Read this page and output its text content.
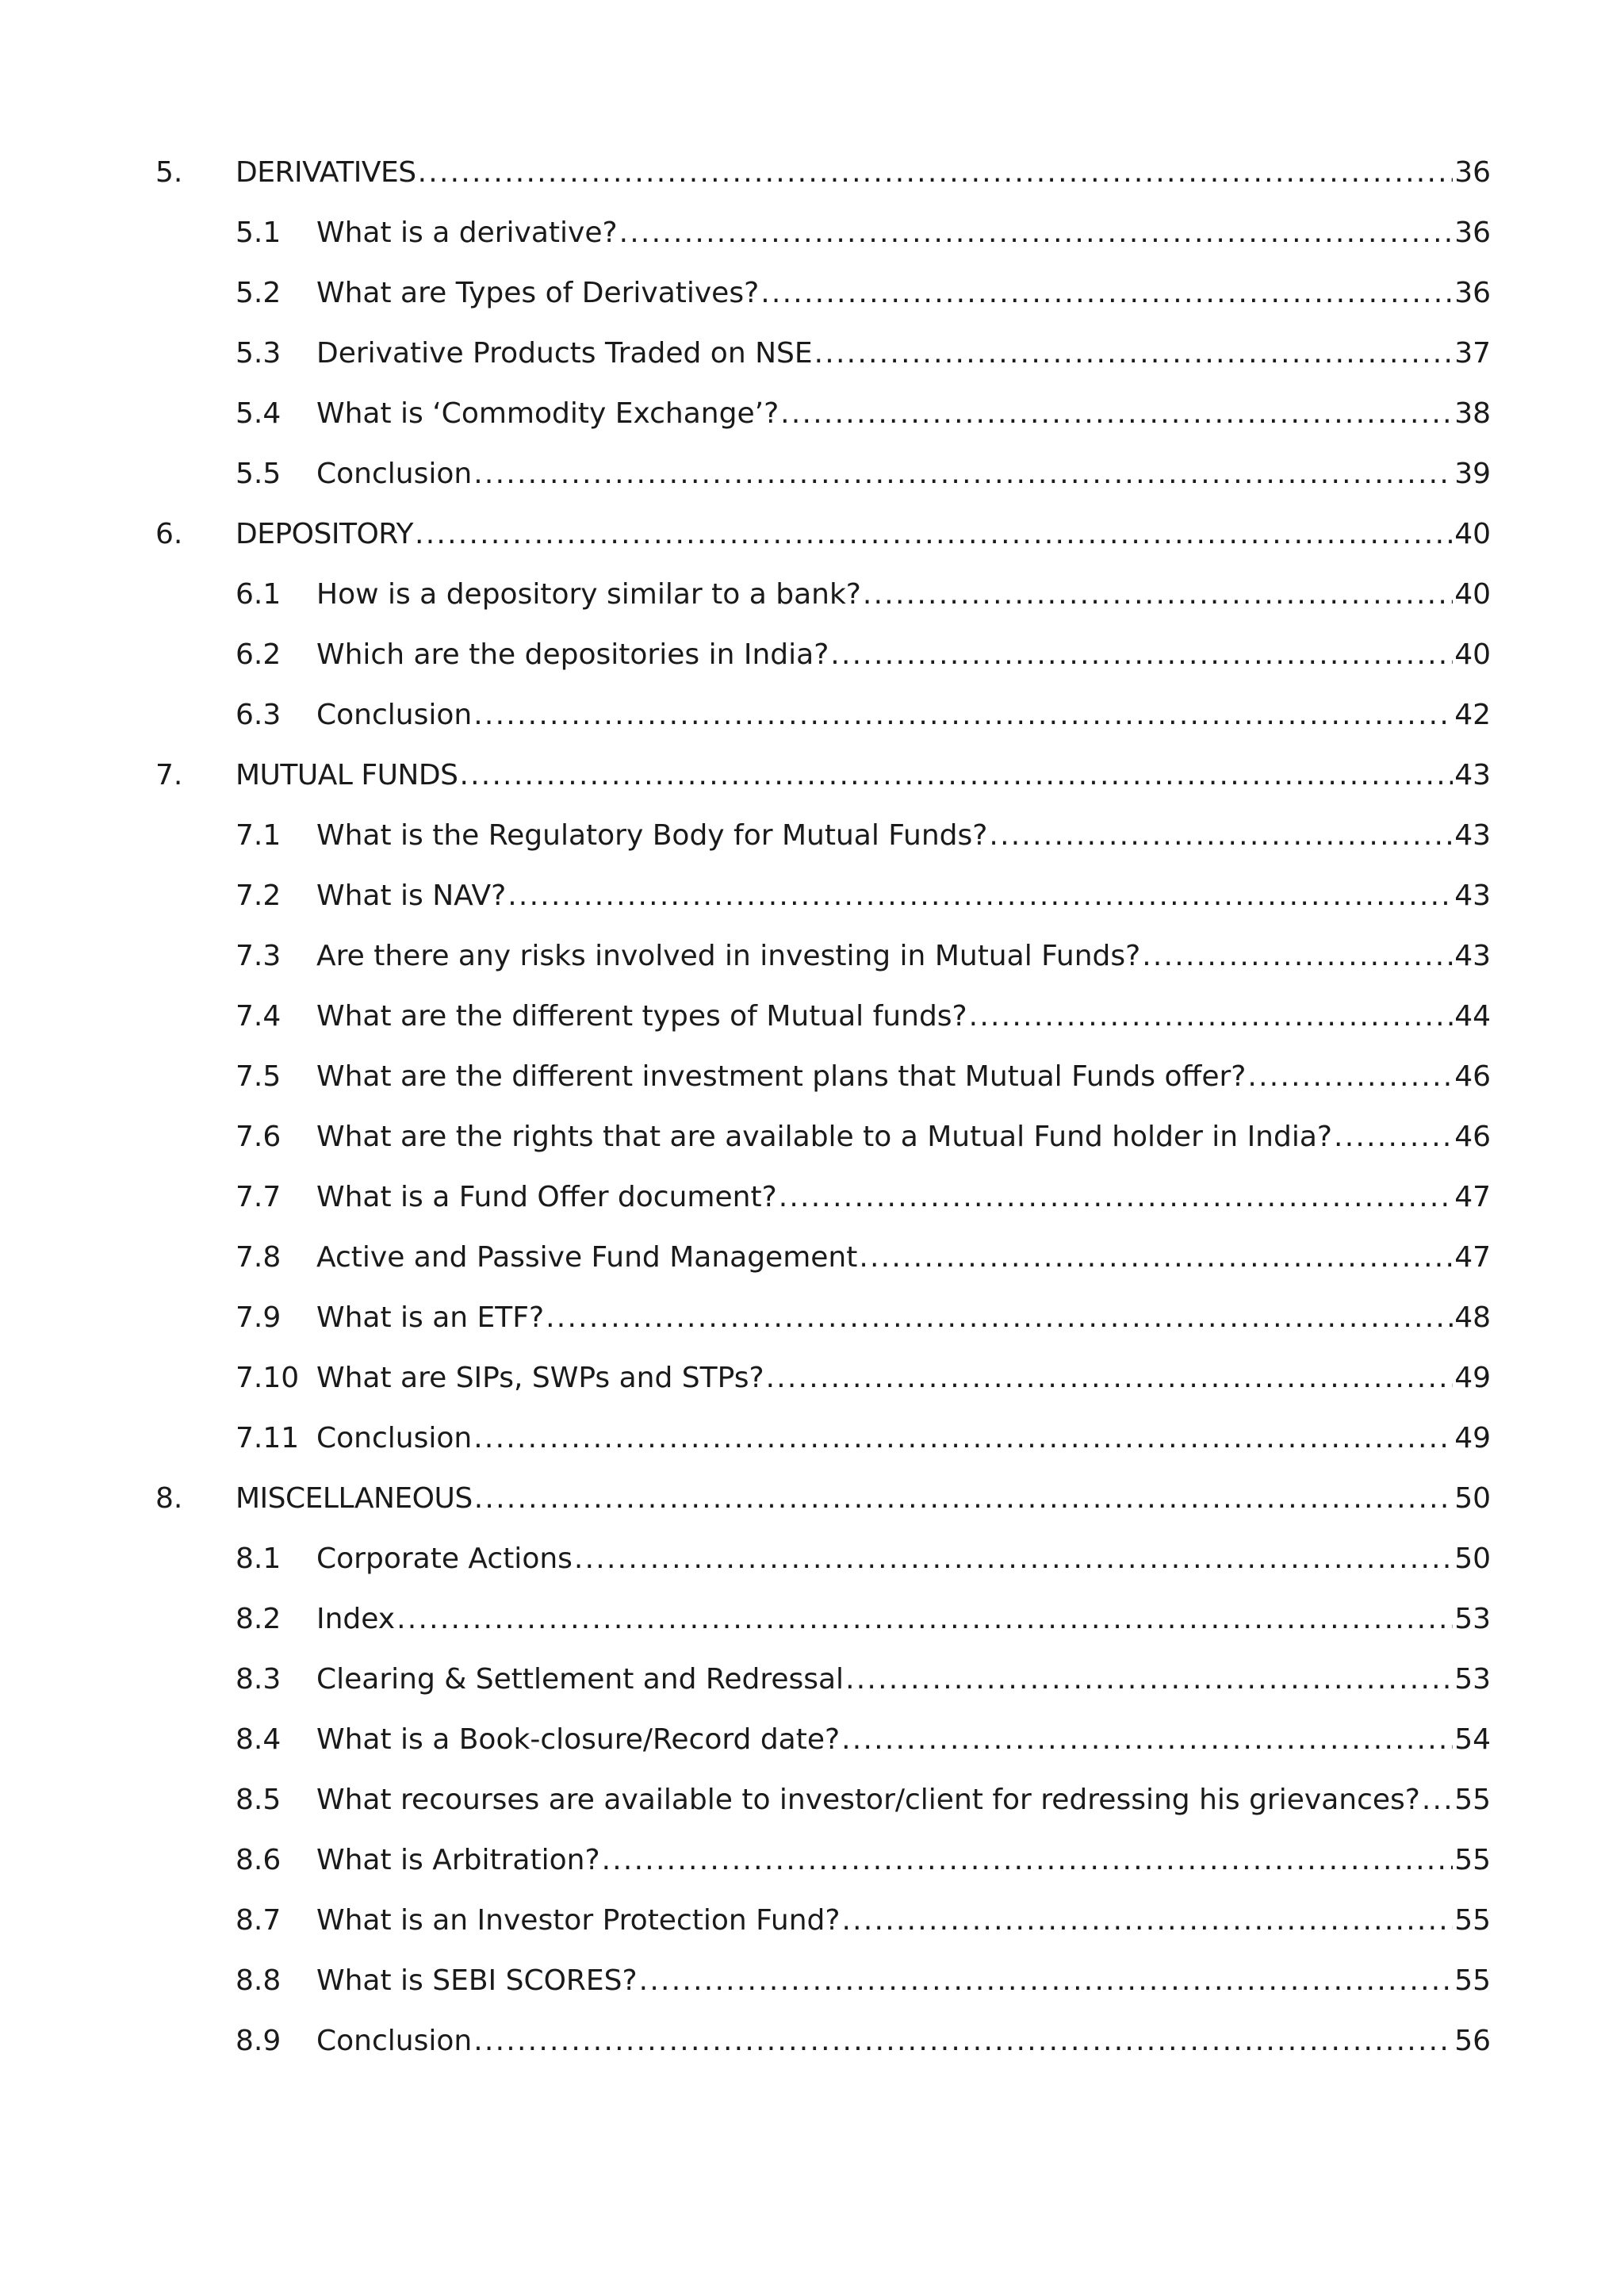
5.	DERIVATIVES . . .	36
5.1	What is a derivative? . . .	36
5.2	What are Types of Derivatives? . . .	36
5.3	Derivative Products Traded on NSE . . .	37
5.4	What is ‘Commodity Exchange’? . . .	38
5.5	Conclusion . . .	39
6.	DEPOSITORY . . .	40
6.1	How is a depository similar to a bank? . . .	40
6.2	Which are the depositories in India? . . .	40
6.3	Conclusion . . .	42
7.	MUTUAL FUNDS . . .	43
7.1	What is the Regulatory Body for Mutual Funds? . . .	43
7.2	What is NAV? . . .	43
7.3	Are there any risks involved in investing in Mutual Funds? . . .	43
7.4	What are the different types of Mutual funds? . . .	44
7.5	What are the different investment plans that Mutual Funds offer? . . .	46
7.6	What are the rights that are available to a Mutual Fund holder in India? . . .	46
7.7	What is a Fund Offer document? . . .	47
7.8	Active and Passive Fund Management . . .	47
7.9	What is an ETF? . . .	48
7.10 What are SIPs, SWPs and STPs? . . .	49
7.11 Conclusion . . .	49
8.	MISCELLANEOUS . . .	50
8.1	Corporate Actions . . .	50
8.2	Index . . .	53
8.3	Clearing & Settlement and Redressal . . .	53
8.4	What is a Book-closure/Record date? . . .	54
8.5	What recourses are available to investor/client for redressing his grievances? . . . 55
8.6	What is Arbitration? . . .	55
8.7	What is an Investor Protection Fund? . . .	55
8.8	What is SEBI SCORES? . . .	55
8.9	Conclusion . . .	56
